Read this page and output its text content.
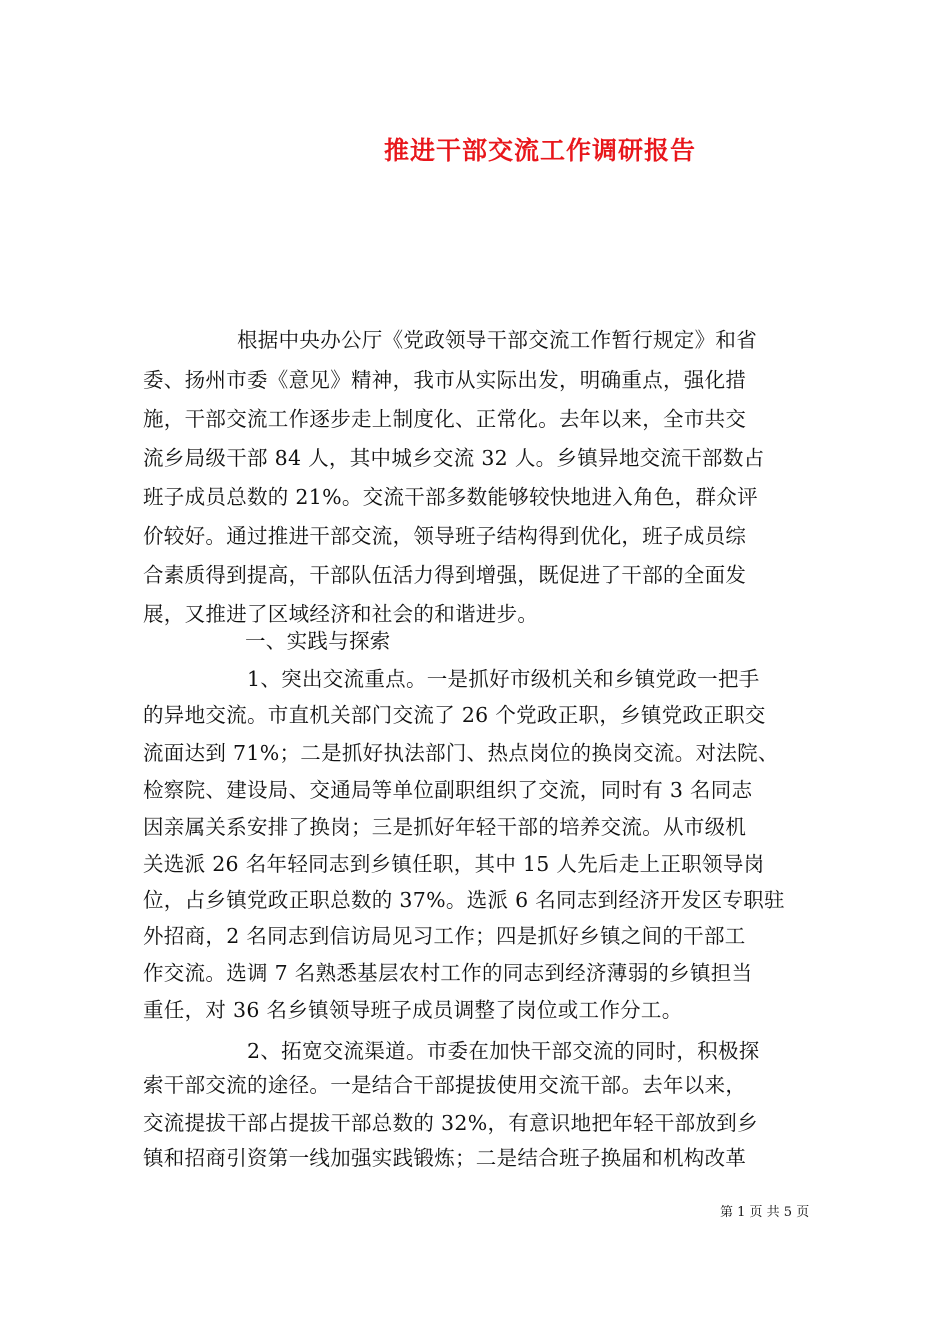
推进干部交流工作调研报告
根据中央办公厅《党政领导干部交流工作暂行规定》和省
委、扬州市委《意见》精神，我市从实际出发，明确重点，强化措
施，干部交流工作逐步走上制度化、正常化。去年以来，全市共交
流乡局级干部 84 人，其中城乡交流 32 人。乡镇异地交流干部数占
班子成员总数的 21%。交流干部多数能够较快地进入角色，群众评
价较好。通过推进干部交流，领导班子结构得到优化，班子成员综
合素质得到提高，干部队伍活力得到增强，既促进了干部的全面发
展，又推进了区域经济和社会的和谐进步。
一、实践与探索
1、突出交流重点。一是抓好市级机关和乡镇党政一把手
的异地交流。市直机关部门交流了 26 个党政正职，乡镇党政正职交
流面达到 71%；二是抓好执法部门、热点岗位的换岗交流。对法院、
检察院、建设局、交通局等单位副职组织了交流，同时有 3 名同志
因亲属关系安排了换岗；三是抓好年轻干部的培养交流。从市级机
关选派 26 名年轻同志到乡镇任职，其中 15 人先后走上正职领导岗
位，占乡镇党政正职总数的 37%。选派 6 名同志到经济开发区专职驻
外招商，2 名同志到信访局见习工作；四是抓好乡镇之间的干部工
作交流。选调 7 名熟悉基层农村工作的同志到经济薄弱的乡镇担当
重任，对 36 名乡镇领导班子成员调整了岗位或工作分工。
2、拓宽交流渠道。市委在加快干部交流的同时，积极探
索干部交流的途径。一是结合干部提拔使用交流干部。去年以来，
交流提拔干部占提拔干部总数的 32%，有意识地把年轻干部放到乡
镇和招商引资第一线加强实践锻炼；二是结合班子换届和机构改革
第 1 页 共 5 页
